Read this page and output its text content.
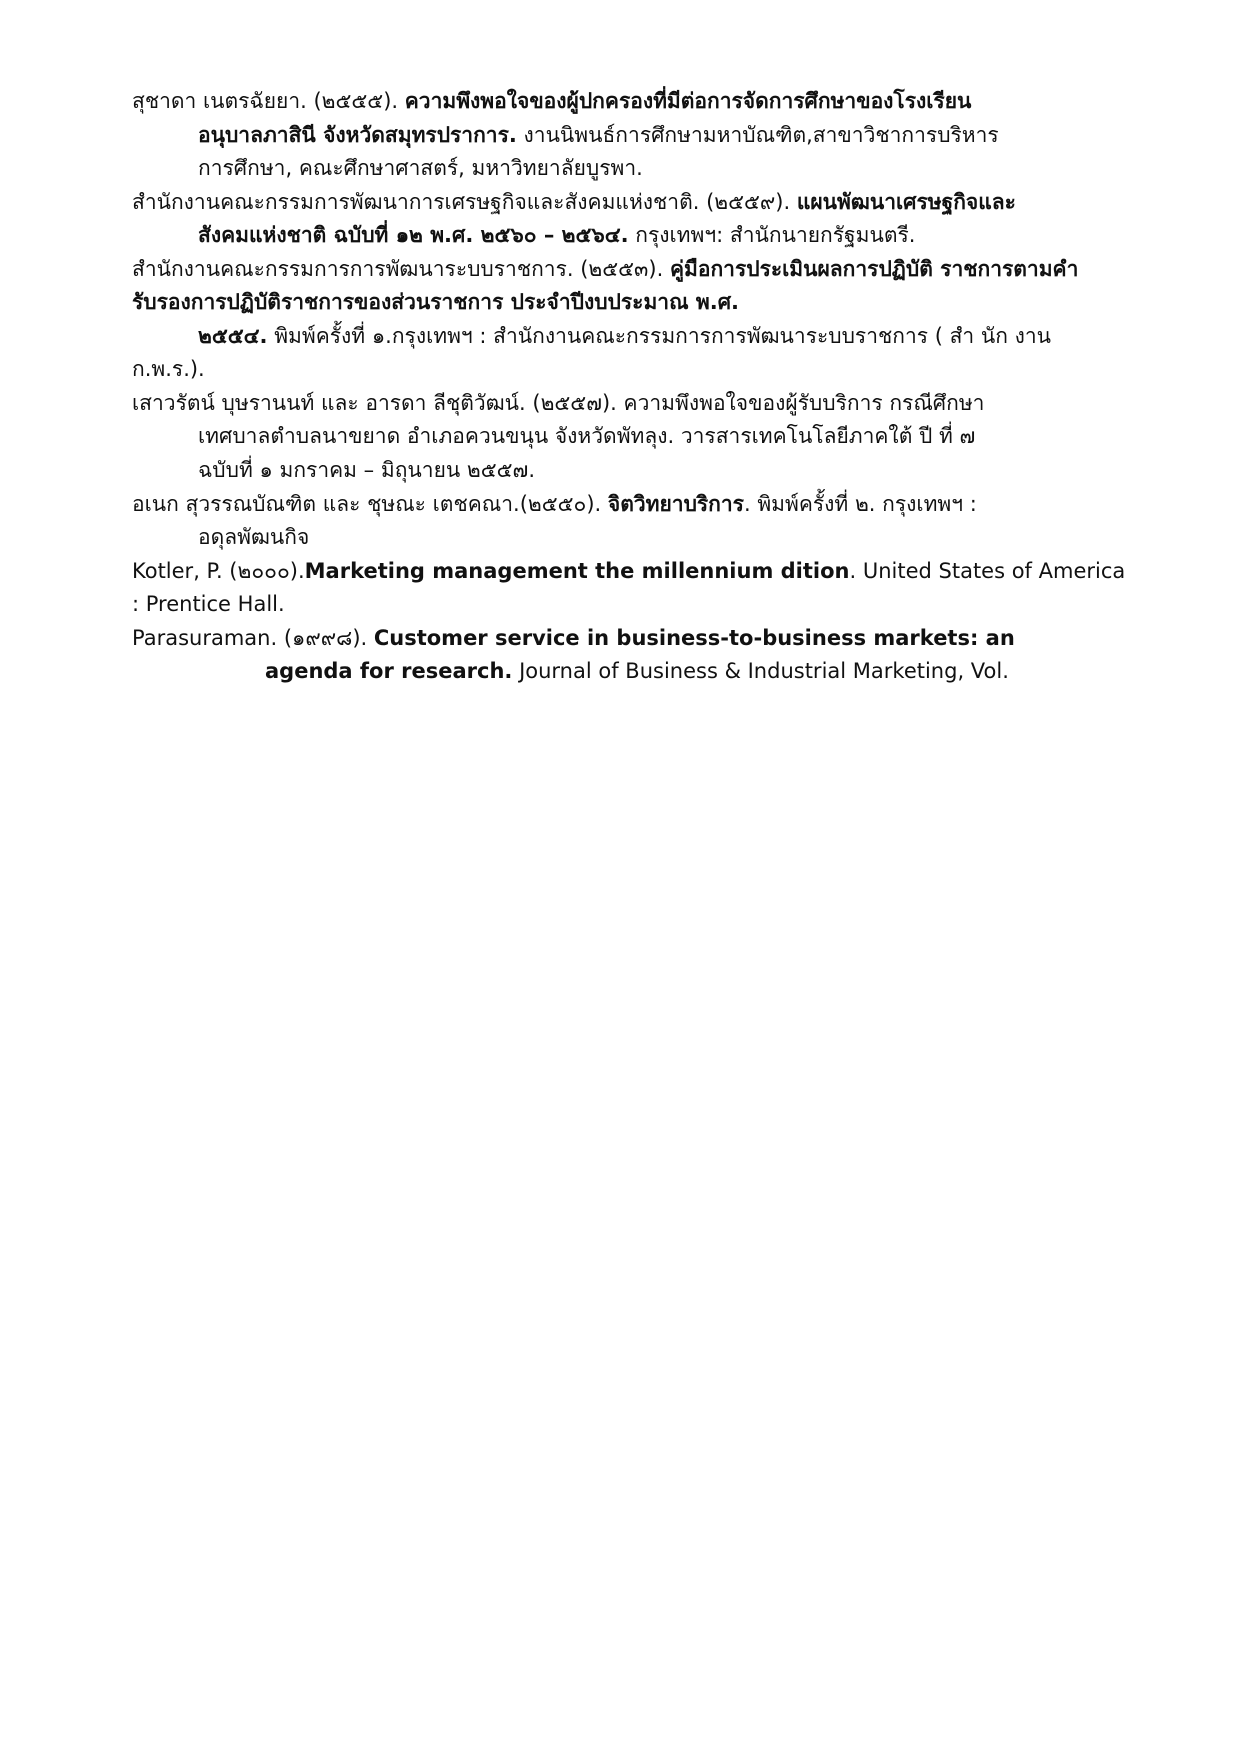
สุชาดา เนตรฉัยยา. (๒๕๕๕). ความพึงพอใจของผู้ปกครองที่มีต่อการจัดการศึกษาของโรงเรียน
อนุบาลภาสินี จังหวัดสมุทรปราการ. งานนิพนธ์การศึกษามหาบัณฑิต,สาขาวิชาการบริหาร
การศึกษา, คณะศึกษาศาสตร์, มหาวิทยาลัยบูรพา.
สำนักงานคณะกรรมการพัฒนาการเศรษฐกิจและสังคมแห่งชาติ. (๒๕๕๙). แผนพัฒนาเศรษฐกิจและ
สังคมแห่งชาติ ฉบับที่ ๑๒ พ.ศ. ๒๕๖๐ – ๒๕๖๔. กรุงเทพฯ: สำนักนายกรัฐมนตรี.
สำนักงานคณะกรรมการการพัฒนาระบบราชการ. (๒๕๕๓). คู่มือการประเมินผลการปฏิบัติ ราชการตามคำ
รับรองการปฏิบัติราชการของส่วนราชการ ประจำปีงบประมาณ พ.ศ.
๒๕๕๔. พิมพ์ครั้งที่ ๑.กรุงเทพฯ : สำนักงานคณะกรรมการการพัฒนาระบบราชการ ( สำ นัก งาน
ก.พ.ร.).
เสาวรัตน์ บุษรานนท์ และ อารดา ลีชุติวัฒน์. (๒๕๕๗). ความพึงพอใจของผู้รับบริการ กรณีศึกษา
เทศบาลตำบลนาขยาด อำเภอควนขนุน จังหวัดพัทลุง. วารสารเทคโนโลยีภาคใต้ ปี ที่ ๗
ฉบับที่ ๑ มกราคม – มิถุนายน ๒๕๕๗.
อเนก สุวรรณบัณฑิต และ ชุษณะ เตชคณา.(๒๕๕๐). จิตวิทยาบริการ. พิมพ์ครั้งที่ ๒. กรุงเทพฯ :
อดุลพัฒนกิจ
Kotler, P. (๒๐๐๐).Marketing management the millennium dition. United States of America
: Prentice Hall.
Parasuraman. (๑๙๙๘). Customer service in business-to-business markets: an
agenda for research. Journal of Business & Industrial Marketing, Vol.
